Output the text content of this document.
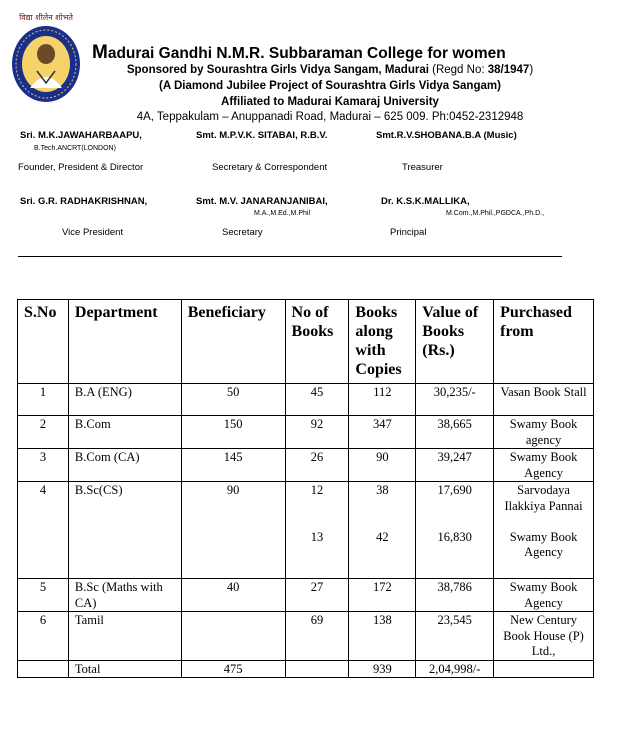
विद्या शीलेन शोभते
Madurai Gandhi N.M.R. Subbaraman College for women
Sponsored by Sourashtra Girls Vidya Sangam, Madurai (Regd No: 38/1947)
(A Diamond Jubilee Project of Sourashtra Girls Vidya Sangam)
Affiliated to Madurai Kamaraj University
4A, Teppakulam – Anuppanadi Road, Madurai – 625 009. Ph:0452-2312948
Sri. M.K.JAWAHARBAAPU,
B.Tech.ANCRT(LONDON)
Founder, President & Director
Smt. M.P.V.K. SITABAI, R.B.V.
Secretary & Correspondent
Smt.R.V.SHOBANA.B.A (Music)
Treasurer
Sri. G.R. RADHAKRISHNAN,
Vice President
Smt. M.V. JANARANJANIBAI,
M.A.,M.Ed.,M.Phil
Secretary
Dr. K.S.K.MALLIKA,
M.Com.,M.Phil.,PGDCA.,Ph.D.,
Principal
S.No	Department	Beneficiary	No of Books	Books along with Copies	Value of Books (Rs.)	Purchased from
1	B.A (ENG)	50	45	112	30,235/-	Vasan Book Stall
2	B.Com	150	92	347	38,665	Swamy Book agency
3	B.Com (CA)	145	26	90	39,247	Swamy Book Agency
4	B.Sc(CS)	90	12	38	17,690	Sarvodaya Ilakkiya Pannai
			13	42	16,830	Swamy Book Agency
5	B.Sc (Maths with CA)	40	27	172	38,786	Swamy Book Agency
6	Tamil		69	138	23,545	New Century Book House (P) Ltd.,
	Total	475		939	2,04,998/-	
